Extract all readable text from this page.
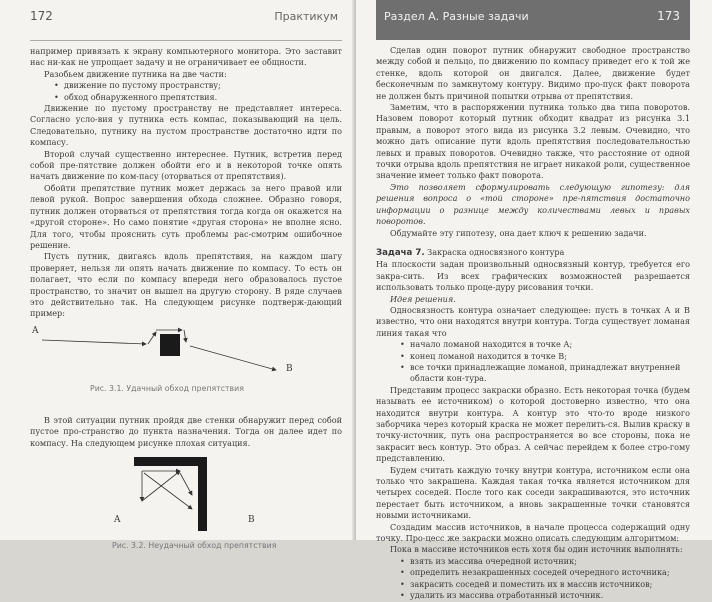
172	Практикум

например привязать к экрану компьютерного монитора. Это заставит нас ни-как не упрощает задачу и не ограничивает ее общности.

Разобьем движение путника на две части:

• движение по пустому пространству;
• обход обнаруженного препятствия.

Движение по пустому пространству не представляет интереса. Согласно усло-вия у путника есть компас, показывающий на цель. Следовательно, путнику на пустом пространстве достаточно идти по компасу.

Второй случай существенно интереснее. Путник, встретив перед собой пре-пятствие должен обойти его и в некоторой точке опять начать движение по ком-пасу (оторваться от препятствия).

Обойти препятствие путник может держась за него правой или левой рукой. Вопрос завершения обхода сложнее. Образно говоря, путник должен оторваться от препятствия тогда когда он окажется на «другой стороне». Но само понятие «другая сторона» не вполне ясно. Для того, чтобы прояснить суть проблемы рас-смотрим ошибочное решение.

Пусть путник, двигаясь вдоль препятствия, на каждом шагу проверяет, нельзя ли опять начать движение по компасу. То есть он полагает, что если по компасу впереди него образовалось пустое пространство, то значит он вышел на другую сторону. В ряде случаев это действительно так. На следующем рисунке подтверж-дающий пример:

A
B
Рис. 3.1. Удачный обход препятствия

В этой ситуации путник пройдя две стенки обнаружит перед собой пустое про-странство до пункта назначения. Тогда он далее идет по компасу. На следующем рисунке плохая ситуация.

A	B
Рис. 3.2. Неудачный обход препятствия
Раздел А. Разные задачи	173

Сделав один поворот путник обнаружит свободное пространство между собой и пельцо, по движению по компасу приведет его к той же стенке, вдоль которой он двигался. Далее, движение будет бесконечным по замкнутому контуру. Видимо про-пуск факт поворота не должен быть причиной попытки отрыва от препятствия.

Заметим, что в распоряжении путника только два типа поворотов. Назовем поворот который путник обходит квадрат из рисунка 3.1 правым, а поворот этого вида из рисунка 3.2 левым. Очевидно, что можно дать описание пути вдоль препятствия последовательностью левых и правых поворотов. Очевидно также, что расстояние от одной точки отрыва вдоль препятствия не играет никакой роли, существенное значение имеет только факт поворота.

Это позволяет сформулировать следующую гипотезу: для решения вопроса о «той стороне» пре-пятствия достаточно информации о разнице между количествами левых и правых поворотов.

Обдумайте эту гипотезу, она дает ключ к решению задачи.

Задача 7. Закраска односвязного контура

На плоскости задан произвольный односвязный контур, требуется его закра-сить. Из всех графических возможностей разрешается использовать только проце-дуру рисования точки.

Идея решения.

Односвязность контура означает следующее: пусть в точках А и В известно, что они находятся внутри контура. Тогда существует ломаная линия такая что

• начало ломаной находится в точке А;
• конец ломаной находится в точке В;
• все точки принадлежащие ломаной, принадлежат внутренней области кон-тура.

Представим процесс закраски образно. Есть некоторая точка (будем называть ее источником) о которой достоверно известно, что она находится внутри контура. А контур это что-то вроде низкого заборчика через который краска не может перелить-ся. Вылив краску в точку-источник, путь она распространяется во все стороны, пока не закрасит весь контур. Это образ. А сейчас перейдем к более стро-гому представлению.

Будем считать каждую точку внутри контура, источником если она только что закрашена. Каждая такая точка является источником для четырех соседей. После того как соседи закрашиваются, это источник перестает быть источником, а вновь закрашенные точки становятся новыми источниками.

Создадим массив источников, в начале процесса содержащий одну точку. Про-цесс же закраски можно описать следующим алгоритмом:

Пока в массиве источников есть хотя бы один источник выполнять:

• взять из массива очередной источник;
• определить незакрашенных соседей очередного источника;
• закрасить соседей и поместить их в массив источников;
• удалить из массива отработанный источник.
